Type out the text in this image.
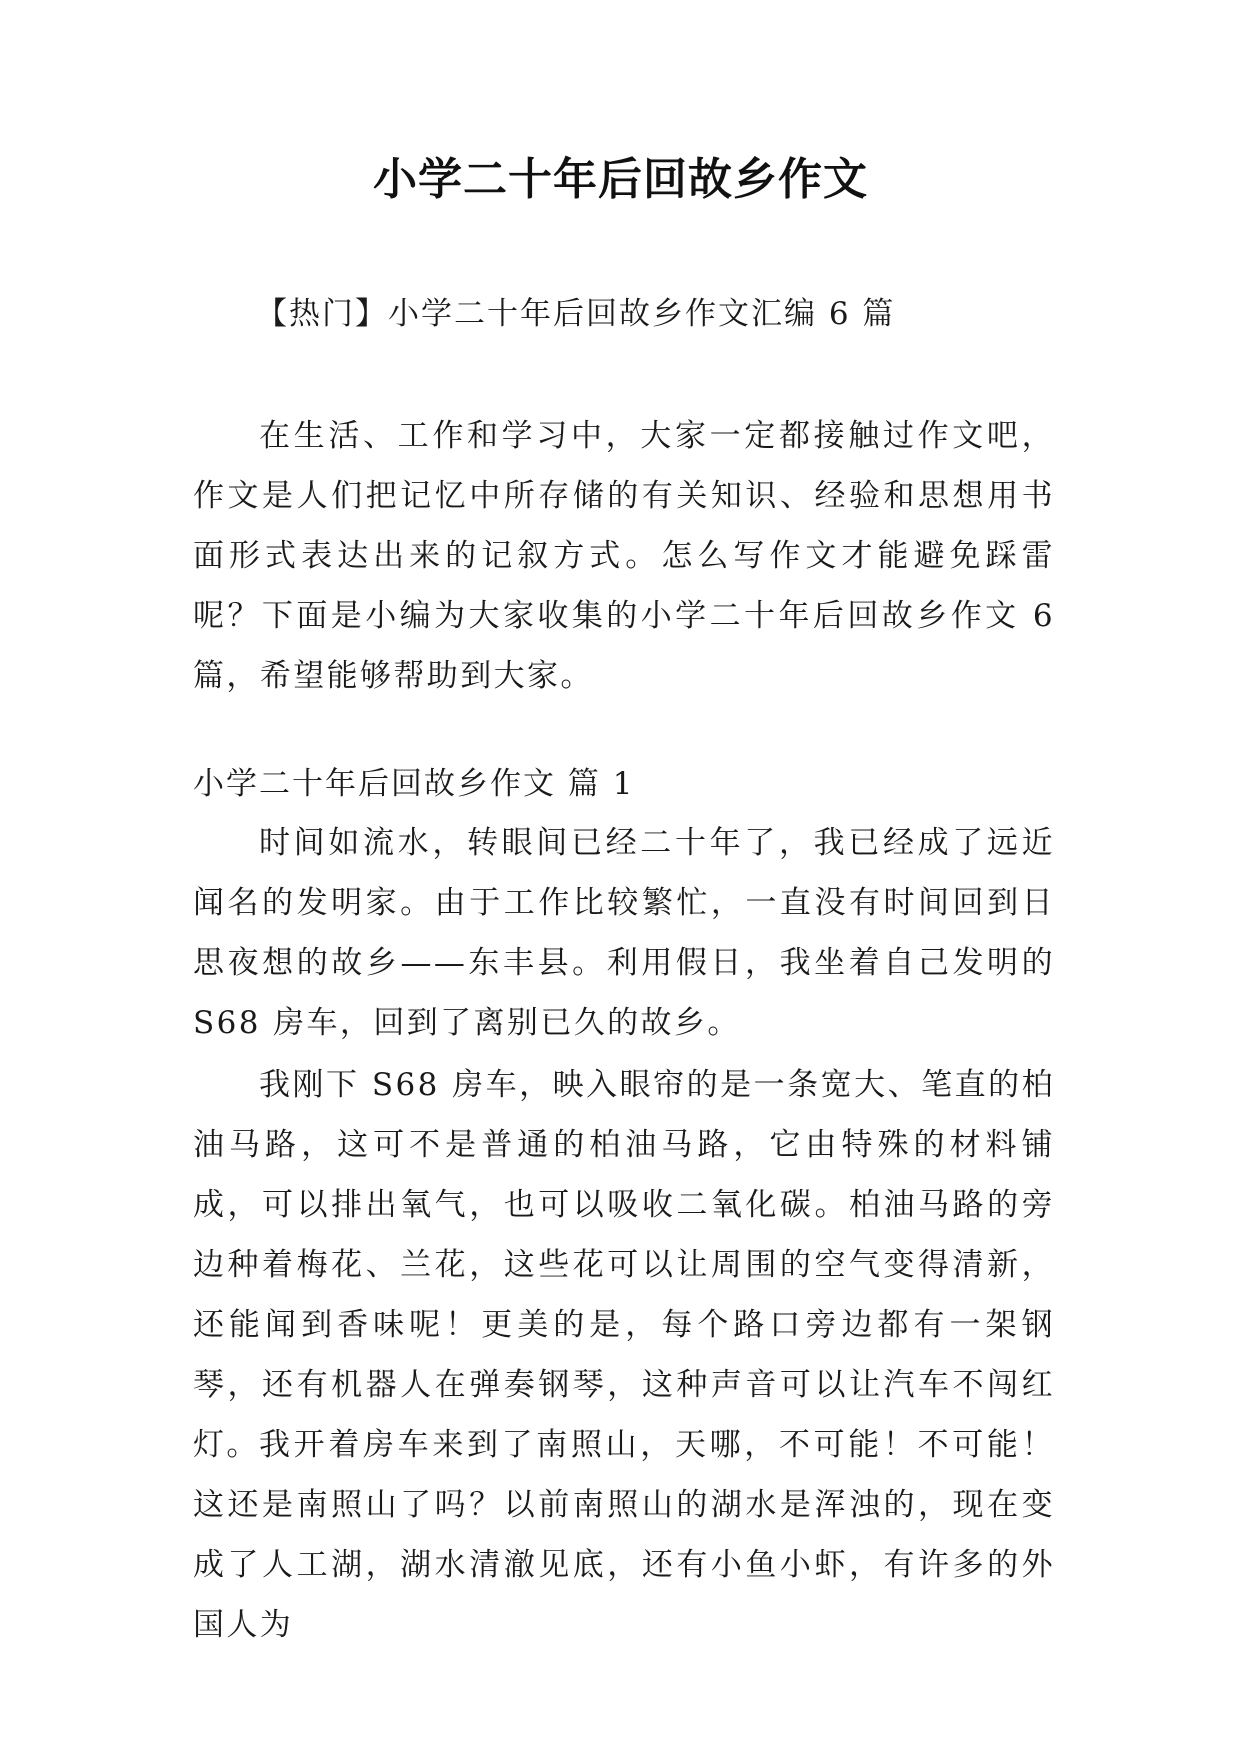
小学二十年后回故乡作文
【热门】小学二十年后回故乡作文汇编 6 篇

在生活、工作和学习中，大家一定都接触过作文吧，作文是人们把记忆中所存储的有关知识、经验和思想用书面形式表达出来的记叙方式。怎么写作文才能避免踩雷呢？下面是小编为大家收集的小学二十年后回故乡作文 6 篇，希望能够帮助到大家。

小学二十年后回故乡作文 篇 1

时间如流水，转眼间已经二十年了，我已经成了远近闻名的发明家。由于工作比较繁忙，一直没有时间回到日思夜想的故乡——东丰县。利用假日，我坐着自己发明的 S68 房车，回到了离别已久的故乡。

我刚下 S68 房车，映入眼帘的是一条宽大、笔直的柏油马路，这可不是普通的柏油马路，它由特殊的材料铺成，可以排出氧气，也可以吸收二氧化碳。柏油马路的旁边种着梅花、兰花，这些花可以让周围的空气变得清新，还能闻到香味呢！更美的是，每个路口旁边都有一架钢琴，还有机器人在弹奏钢琴，这种声音可以让汽车不闯红灯。 我开着房车来到了南照山，天哪，不可能！不可能！这还是南照山了吗？以前南照山的湖水是浑浊的，现在变成了人工湖，湖水清澈见底，还有小鱼小虾，有许多的外国人为
